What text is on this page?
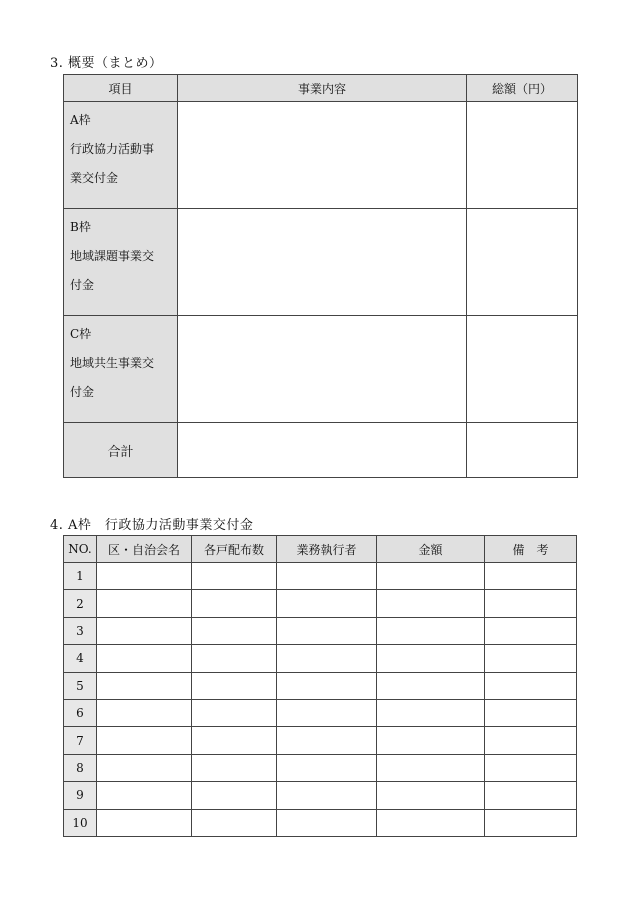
3. 概要（まとめ）
項目	事業内容	総額（円）

A枠
行政協力活動事
業交付金		

B枠
地域課題事業交
付金		

C枠
地域共生事業交
付金		

合計		
4. A枠　行政協力活動事業交付金
NO.	区・自治会名	各戸配布数	業務執行者	金額	備　考
1					
2					
3					
4					
5					
6					
7					
8					
9					
10					
